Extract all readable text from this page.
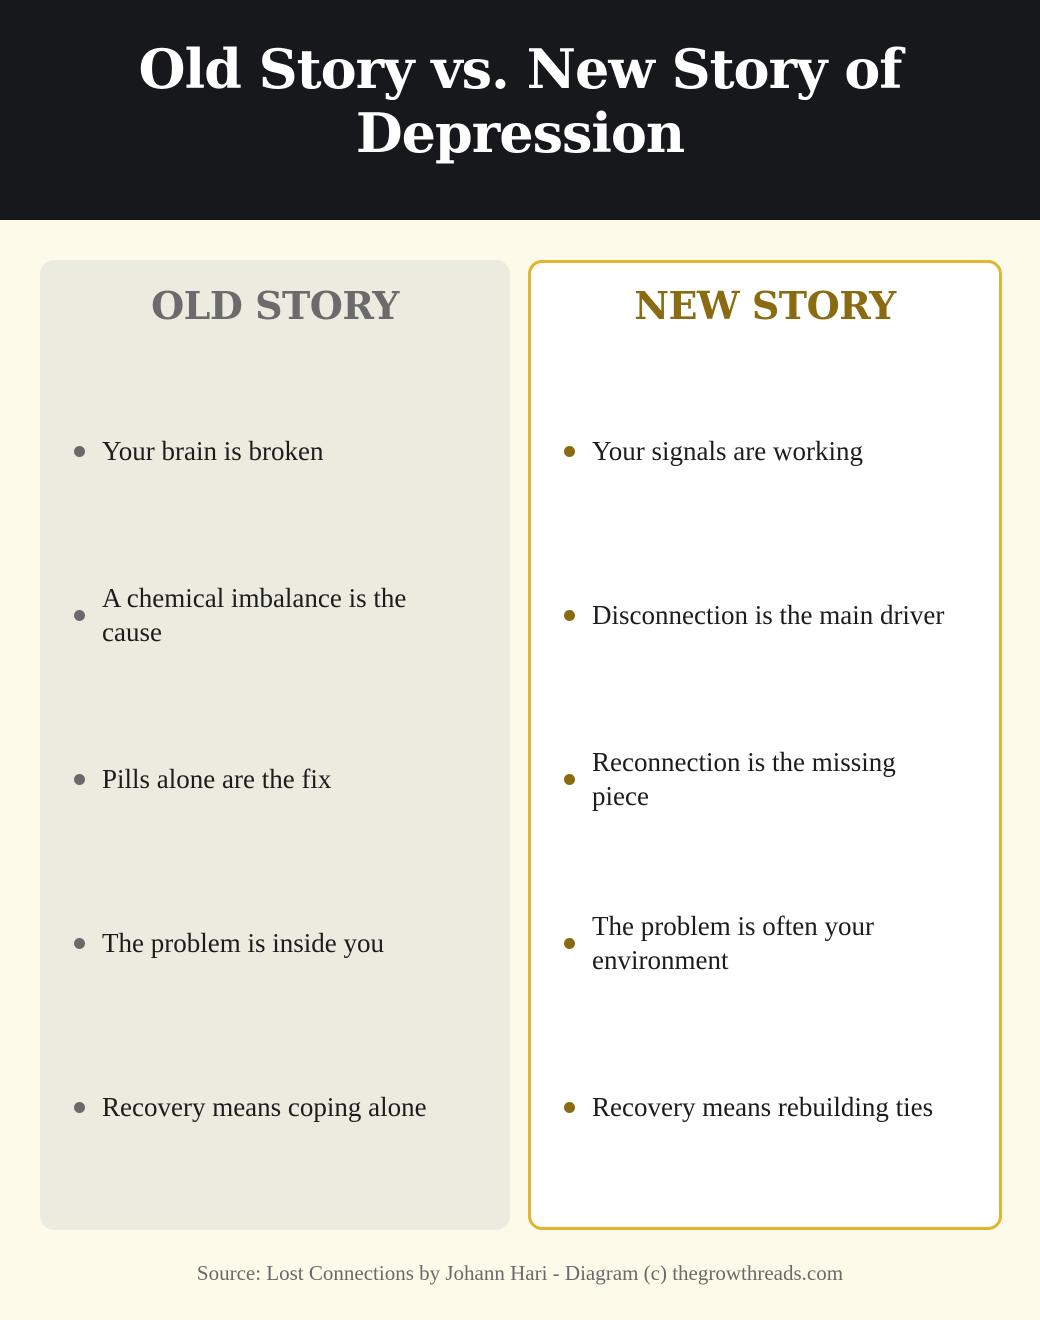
Old Story vs. New Story of Depression
OLD STORY
Your brain is broken
A chemical imbalance is the cause
Pills alone are the fix
The problem is inside you
Recovery means coping alone
NEW STORY
Your signals are working
Disconnection is the main driver
Reconnection is the missing piece
The problem is often your environment
Recovery means rebuilding ties
Source: Lost Connections by Johann Hari - Diagram (c) thegrowthreads.com
